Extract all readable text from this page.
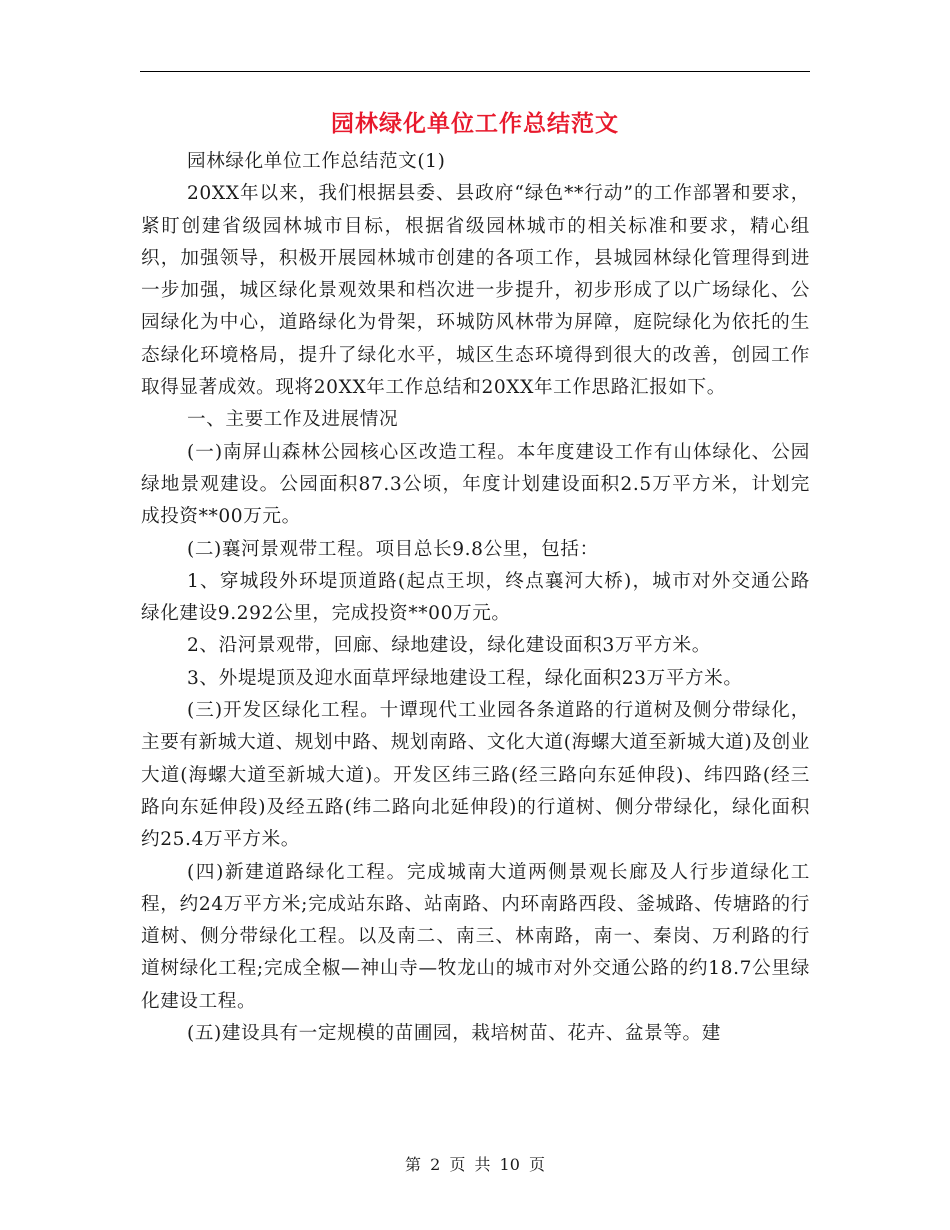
园林绿化单位工作总结范文

园林绿化单位工作总结范文(1)

20XX年以来，我们根据县委、县政府“绿色**行动”的工作部署和要求，紧盯创建省级园林城市目标，根据省级园林城市的相关标准和要求，精心组织，加强领导，积极开展园林城市创建的各项工作，县城园林绿化管理得到进一步加强，城区绿化景观效果和档次进一步提升，初步形成了以广场绿化、公园绿化为中心，道路绿化为骨架，环城防风林带为屏障，庭院绿化为依托的生态绿化环境格局，提升了绿化水平，城区生态环境得到很大的改善，创园工作取得显著成效。现将20XX年工作总结和20XX年工作思路汇报如下。

一、主要工作及进展情况

(一)南屏山森林公园核心区改造工程。本年度建设工作有山体绿化、公园绿地景观建设。公园面积87.3公顷，年度计划建设面积2.5万平方米，计划完成投资**00万元。

(二)襄河景观带工程。项目总长9.8公里，包括：

1、穿城段外环堤顶道路(起点王坝，终点襄河大桥)，城市对外交通公路绿化建设9.292公里，完成投资**00万元。

2、沿河景观带，回廊、绿地建设，绿化建设面积3万平方米。

3、外堤堤顶及迎水面草坪绿地建设工程，绿化面积23万平方米。

(三)开发区绿化工程。十谭现代工业园各条道路的行道树及侧分带绿化，主要有新城大道、规划中路、规划南路、文化大道(海螺大道至新城大道)及创业大道(海螺大道至新城大道)。开发区纬三路(经三路向东延伸段)、纬四路(经三路向东延伸段)及经五路(纬二路向北延伸段)的行道树、侧分带绿化，绿化面积约25.4万平方米。

(四)新建道路绿化工程。完成城南大道两侧景观长廊及人行步道绿化工程，约24万平方米;完成站东路、站南路、内环南路西段、釜城路、传塘路的行道树、侧分带绿化工程。以及南二、南三、林南路，南一、秦岗、万利路的行道树绿化工程;完成全椒—神山寺—牧龙山的城市对外交通公路的约18.7公里绿化建设工程。

(五)建设具有一定规模的苗圃园，栽培树苗、花卉、盆景等。建

第 2 页 共 10 页
